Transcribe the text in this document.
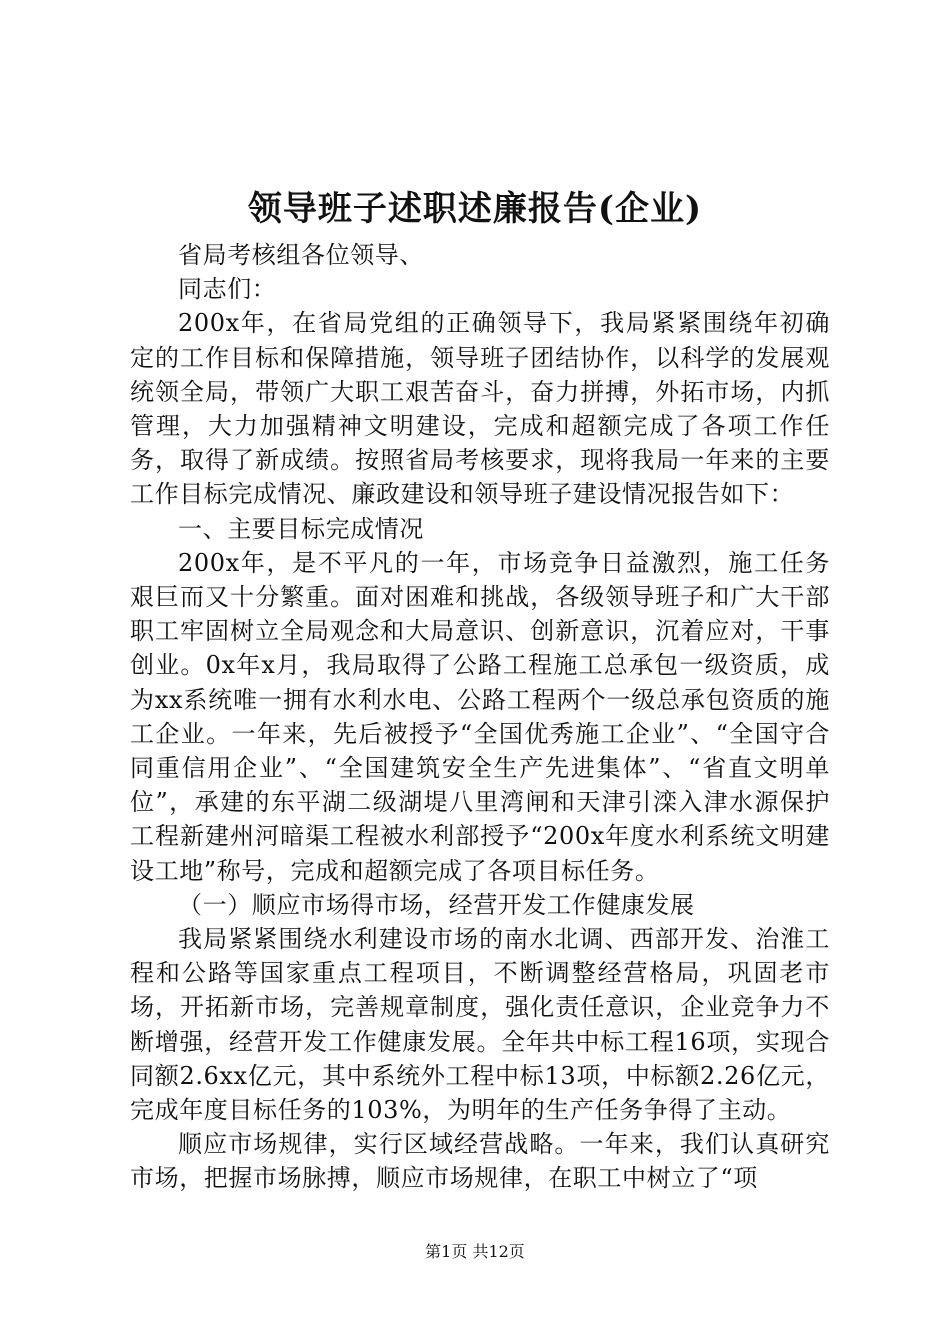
领导班子述职述廉报告(企业)

省局考核组各位领导、

同志们：

200x年，在省局党组的正确领导下，我局紧紧围绕年初确定的工作目标和保障措施，领导班子团结协作，以科学的发展观统领全局，带领广大职工艰苦奋斗，奋力拼搏，外拓市场，内抓管理，大力加强精神文明建设，完成和超额完成了各项工作任务，取得了新成绩。按照省局考核要求，现将我局一年来的主要工作目标完成情况、廉政建设和领导班子建设情况报告如下：

一、主要目标完成情况

200x年，是不平凡的一年，市场竞争日益激烈，施工任务艰巨而又十分繁重。面对困难和挑战，各级领导班子和广大干部职工牢固树立全局观念和大局意识、创新意识，沉着应对，干事创业。0x年x月，我局取得了公路工程施工总承包一级资质，成为xx系统唯一拥有水利水电、公路工程两个一级总承包资质的施工企业。一年来，先后被授予“全国优秀施工企业”、“全国守合同重信用企业”、“全国建筑安全生产先进集体”、“省直文明单位”，承建的东平湖二级湖堤八里湾闸和天津引滦入津水源保护工程新建州河暗渠工程被水利部授予“200x年度水利系统文明建设工地”称号，完成和超额完成了各项目标任务。

（一）顺应市场得市场，经营开发工作健康发展

我局紧紧围绕水利建设市场的南水北调、西部开发、治淮工程和公路等国家重点工程项目，不断调整经营格局，巩固老市场，开拓新市场，完善规章制度，强化责任意识，企业竞争力不断增强，经营开发工作健康发展。全年共中标工程16项，实现合同额2.6xx亿元，其中系统外工程中标13项，中标额2.26亿元，完成年度目标任务的103%，为明年的生产任务争得了主动。

顺应市场规律，实行区域经营战略。一年来，我们认真研究市场，把握市场脉搏，顺应市场规律，在职工中树立了“项

第1页 共12页
